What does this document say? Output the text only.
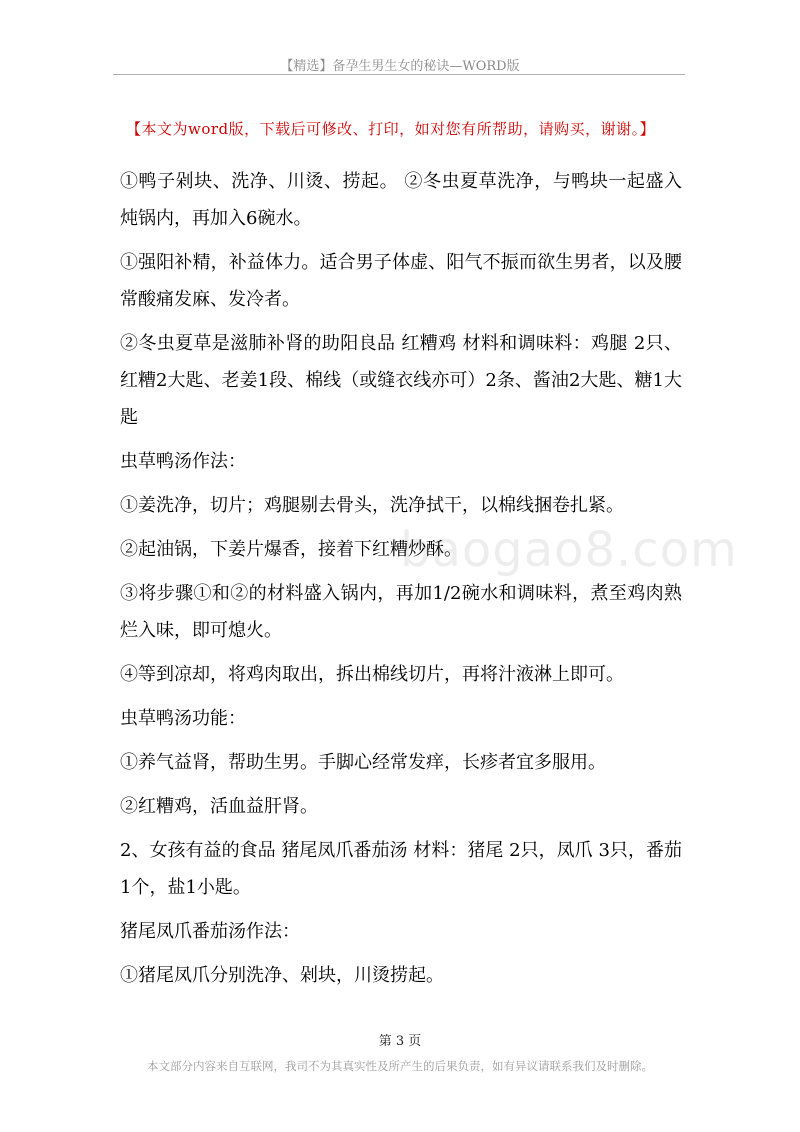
【精选】备孕生男生女的秘诀—WORD版
【本文为word版，下载后可修改、打印，如对您有所帮助，请购买，谢谢。】
baogao8.com

①鸭子剁块、洗净、川烫、捞起。 ②冬虫夏草洗净，与鸭块一起盛入炖锅内，再加入6碗水。

①强阳补精，补益体力。适合男子体虚、阳气不振而欲生男者，以及腰常酸痛发麻、发冷者。

②冬虫夏草是滋肺补肾的助阳良品 红糟鸡 材料和调味料：鸡腿 2只、红糟2大匙、老姜1段、棉线（或缝衣线亦可）2条、酱油2大匙、糖1大匙

虫草鸭汤作法：

①姜洗净，切片；鸡腿剔去骨头，洗净拭干，以棉线捆卷扎紧。

②起油锅，下姜片爆香，接着下红糟炒酥。

③将步骤①和②的材料盛入锅内，再加1/2碗水和调味料，煮至鸡肉熟烂入味，即可熄火。

④等到凉却，将鸡肉取出，拆出棉线切片，再将汁液淋上即可。

虫草鸭汤功能：

①养气益肾，帮助生男。手脚心经常发痒，长疹者宜多服用。

②红糟鸡，活血益肝肾。

2、女孩有益的食品 猪尾凤爪番茄汤 材料：猪尾 2只，凤爪 3只，番茄1个，盐1小匙。

猪尾凤爪番茄汤作法：

①猪尾凤爪分别洗净、剁块，川烫捞起。

第 3 页
本文部分内容来自互联网，我司不为其真实性及所产生的后果负责，如有异议请联系我们及时删除。
